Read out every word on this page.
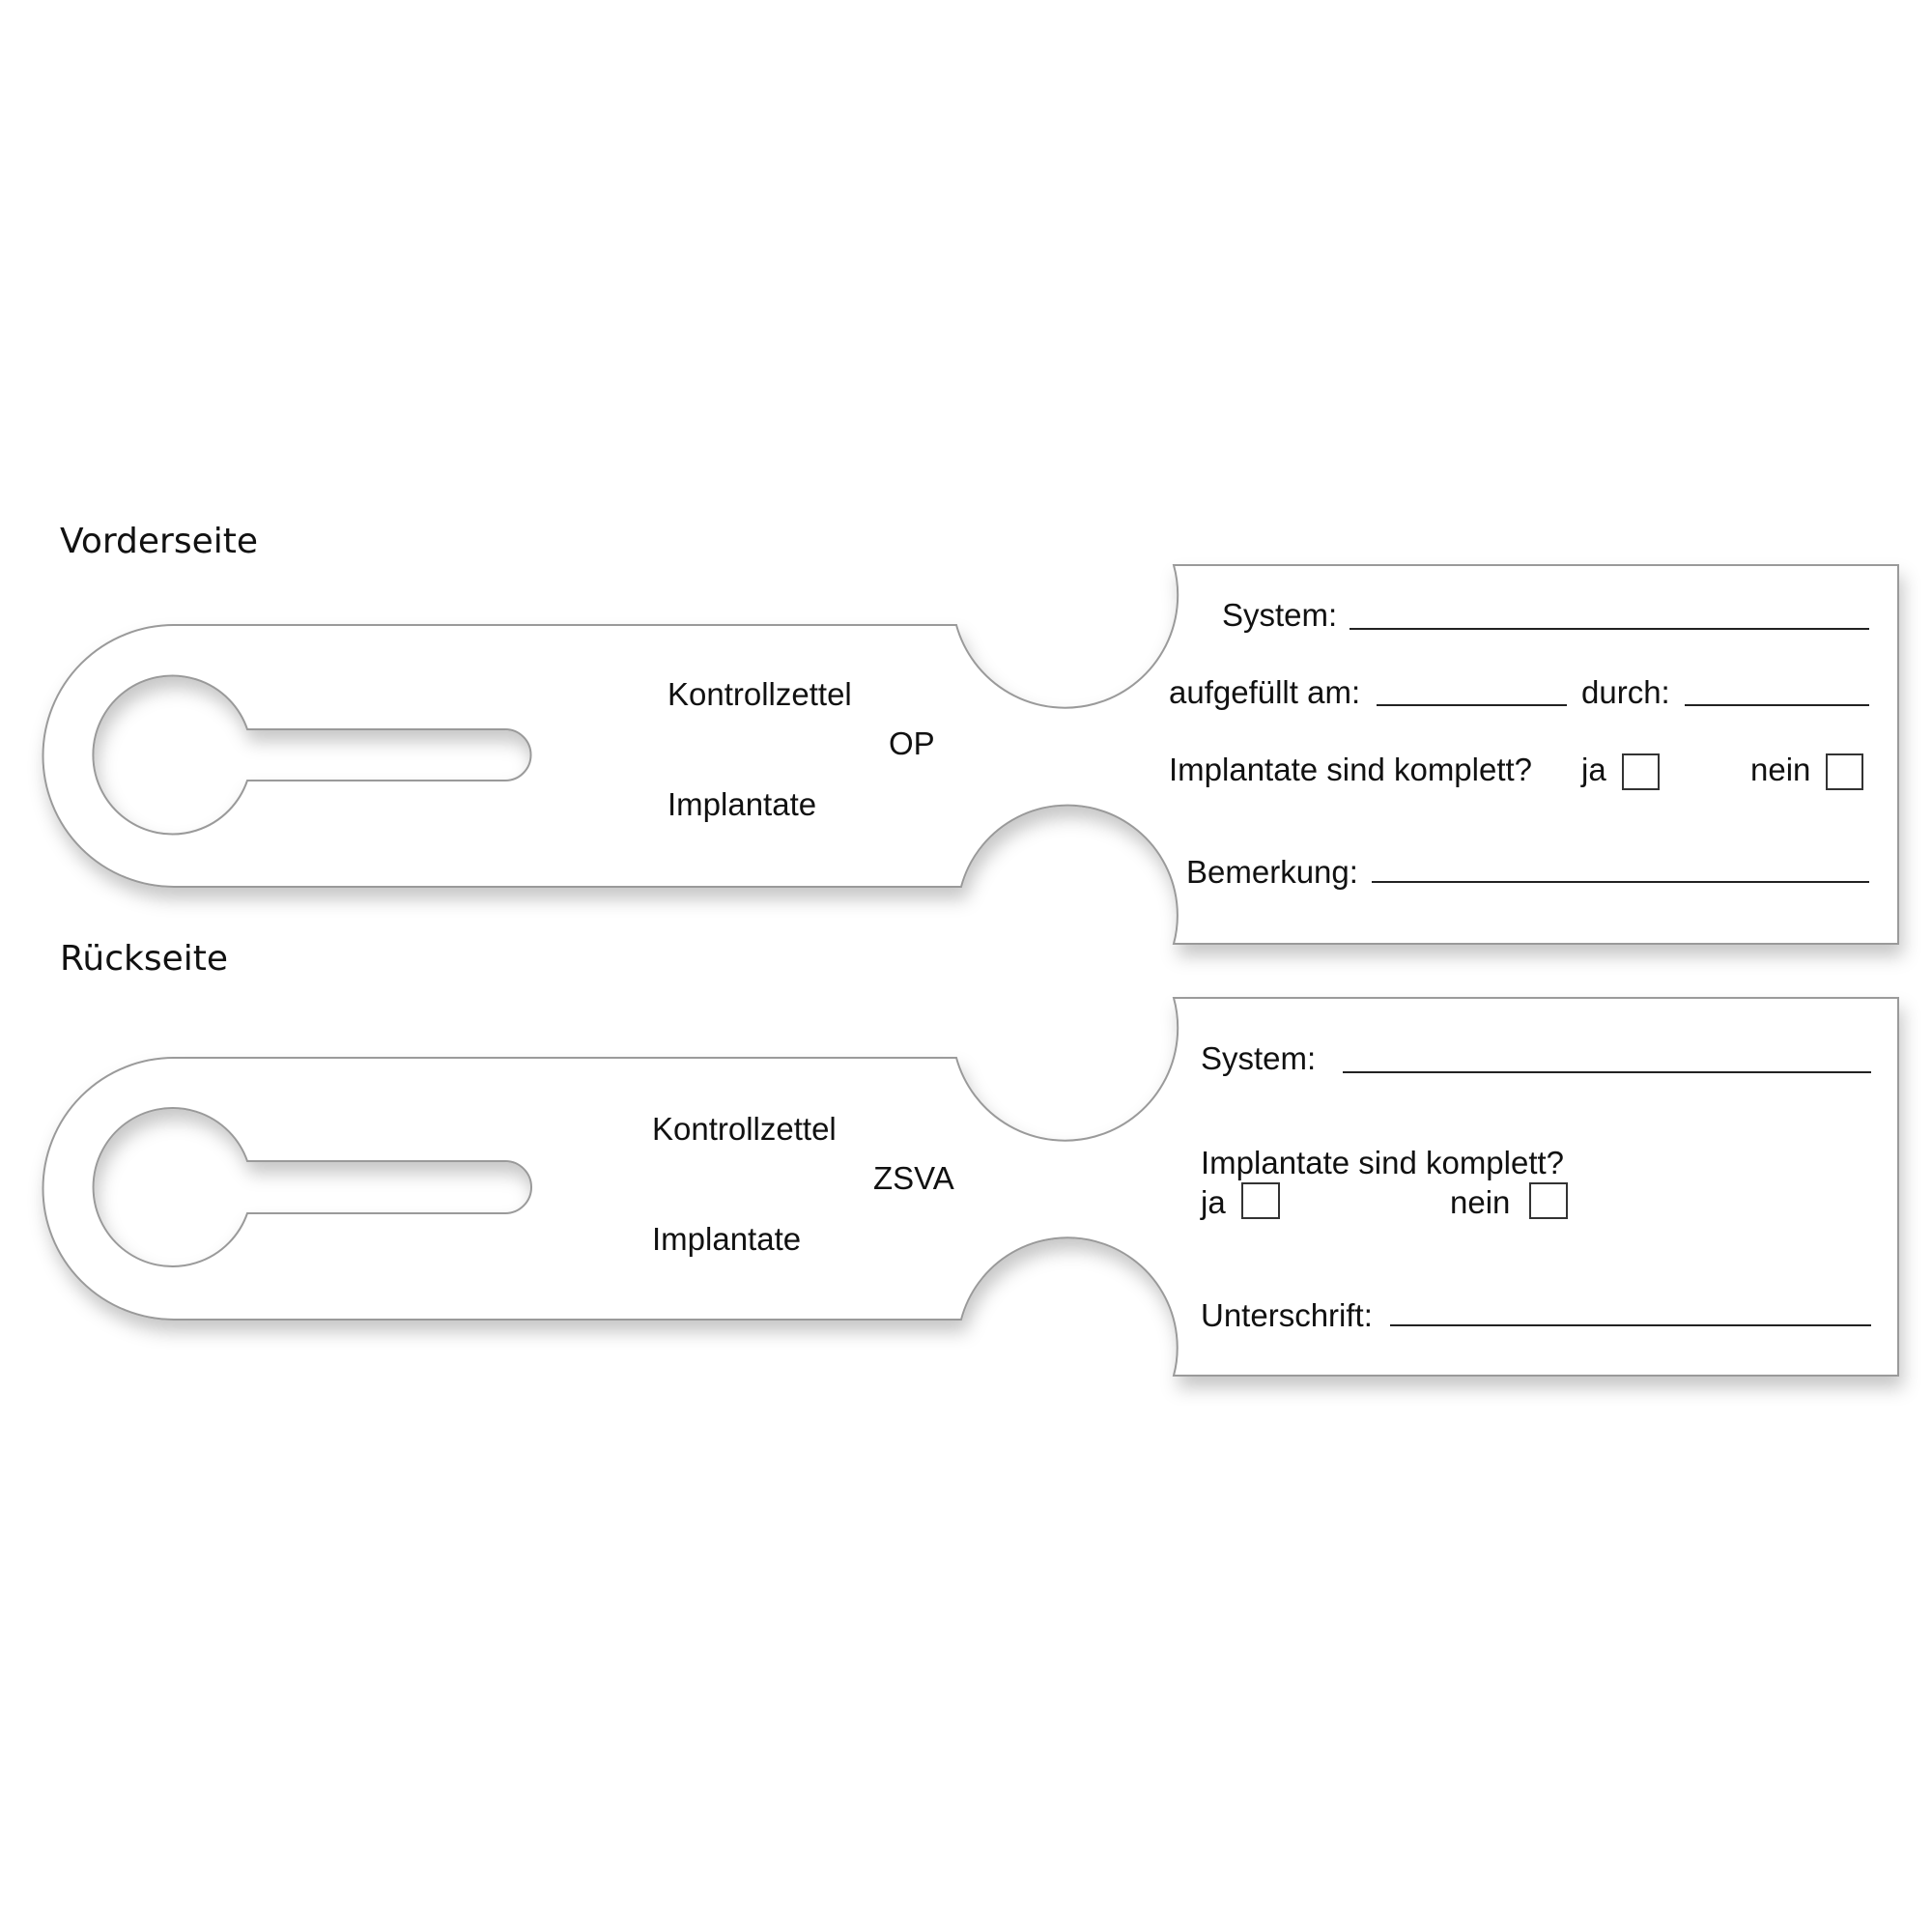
Vorderseite
Kontrollzettel
OP
Implantate
System:
aufgefüllt am:	durch:
Implantate sind komplett? ja	nein
Bemerkung:
Rückseite
Kontrollzettel
ZSVA
Implantate
System:
Implantate sind komplett?
ja	nein
Unterschrift:
